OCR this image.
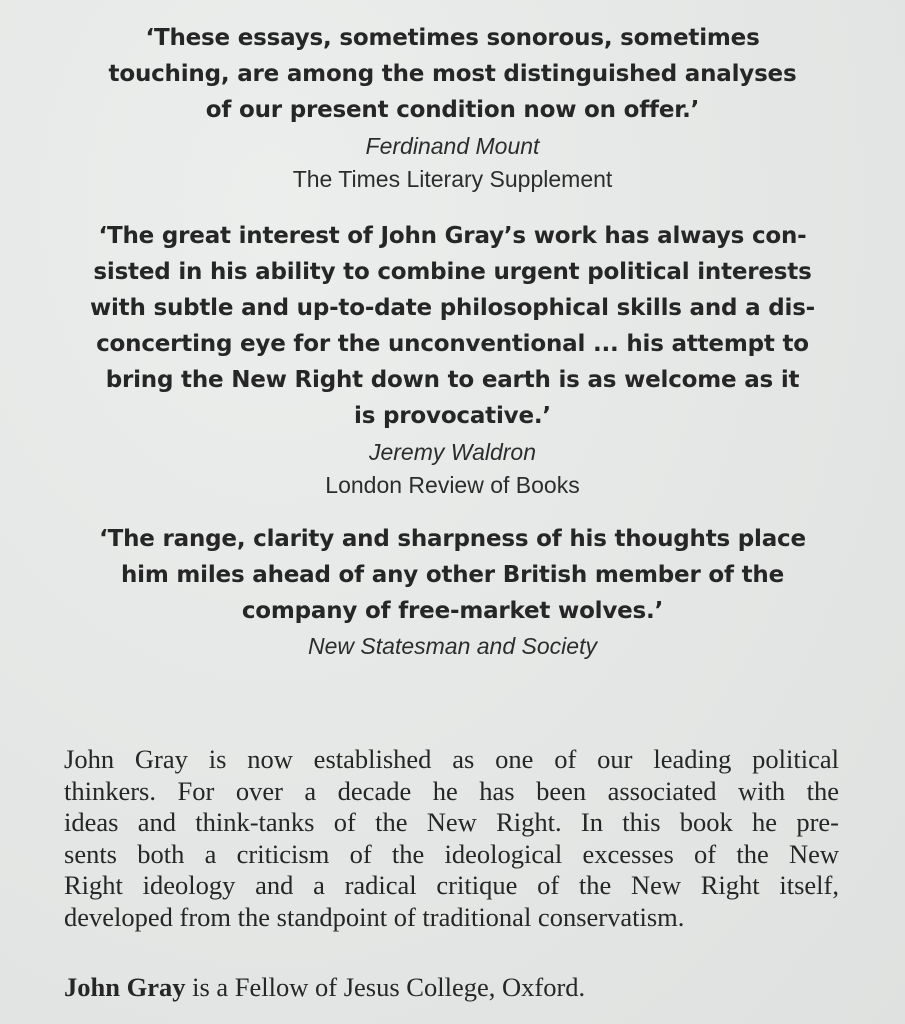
‘These essays, sometimes sonorous, sometimes
touching, are among the most distinguished analyses
of our present condition now on offer.’

Ferdinand Mount

The Times Literary Supplement

‘The great interest of John Gray’s work has always con-
sisted in his ability to combine urgent political interests
with subtle and up-to-date philosophical skills and a dis-
concerting eye for the unconventional ... his attempt to
bring the New Right down to earth is as welcome as it
is provocative.’

Jeremy Waldron

London Review of Books

‘The range, clarity and sharpness of his thoughts place
him miles ahead of any other British member of the
company of free-market wolves.’

New Statesman and Society

John Gray is now established as one of our leading political
thinkers. For over a decade he has been associated with the
ideas and think-tanks of the New Right. In this book he pre-
sents both a criticism of the ideological excesses of the New
Right ideology and a radical critique of the New Right itself,
developed from the standpoint of traditional conservatism.

John Gray is a Fellow of Jesus College, Oxford.
